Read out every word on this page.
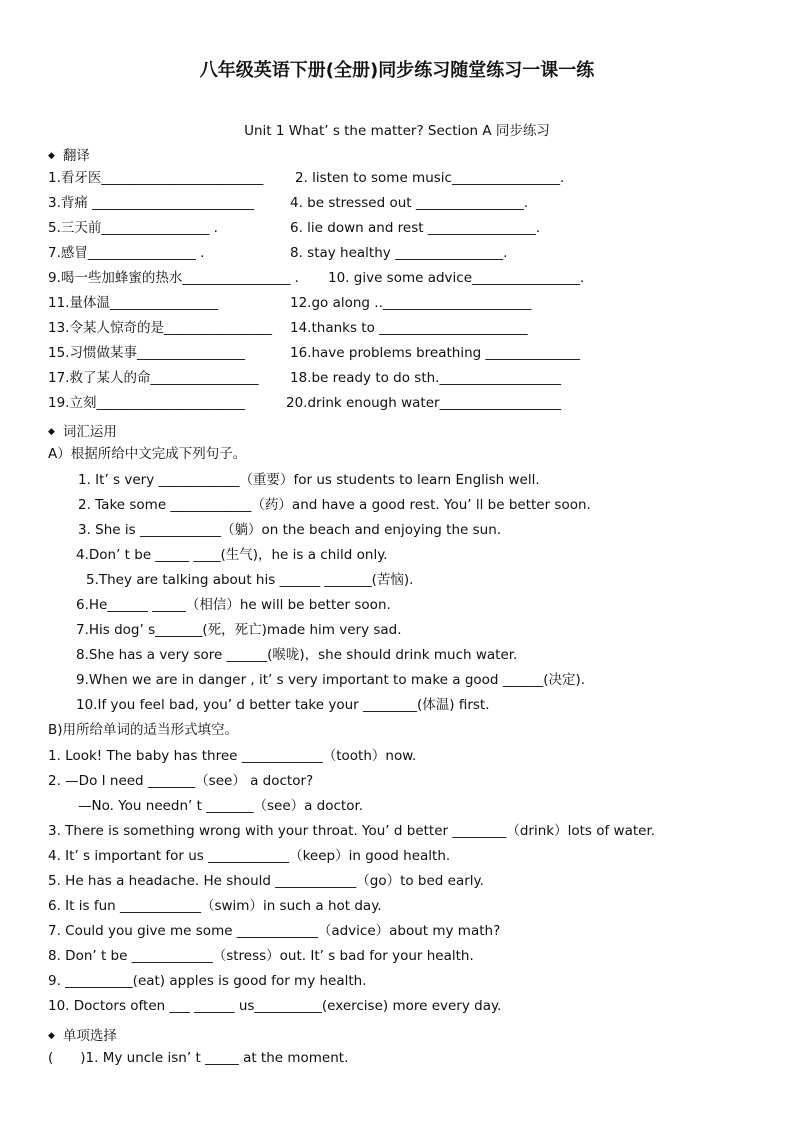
八年级英语下册(全册)同步练习随堂练习一课一练
Unit 1 What’ s the matter? Section A 同步练习
◆ 翻译
1.看牙医________________________ 2. listen to some music________________.
3.背痛 ________________________	4. be stressed out ________________.
5.三天前________________ .	6. lie down and rest ________________.
7.感冒________________ .	8. stay healthy ________________.
9.喝一些加蜂蜜的热水________________ . 10. give some advice________________.
11.量体温________________	12.go along ..______________________
13.令某人惊奇的是________________ 14.thanks to ______________________
15.习惯做某事________________	16.have problems breathing ______________
17.救了某人的命________________ 18.be ready to do sth.__________________
19.立刻______________________	20.drink enough water__________________
◆ 词汇运用
A）根据所给中文完成下列句子。
1. It’ s very ____________（重要）for us students to learn English well.
2. Take some ____________（药）and have a good rest. You’ ll be better soon.
3. She is ____________（躺）on the beach and enjoying the sun.
4.Don’ t be _____ ____(生气)，he is a child only.
5.They are talking about his ______ _______(苦恼).
6.He______ _____（相信）he will be better soon.
7.His dog’ s_______(死，死亡)made him very sad.
8.She has a very sore ______(喉咙)，she should drink much water.
9.When we are in danger , it’ s very important to make a good ______(决定).
10.If you feel bad, you’ d better take your ________(体温) first.
B)用所给单词的适当形式填空。
1. Look! The baby has three ____________（tooth）now.
2. —Do I need _______（see） a doctor?
—No. You needn’ t _______（see）a doctor.
3. There is something wrong with your throat. You’ d better ________（drink）lots of water.
4. It’ s important for us ____________（keep）in good health.
5. He has a headache. He should ____________（go）to bed early.
6. It is fun ____________（swim）in such a hot day.
7. Could you give me some ____________（advice）about my math?
8. Don’ t be ____________（stress）out. It’ s bad for your health.
9. __________(eat) apples is good for my health.
10. Doctors often ___ ______ us__________(exercise) more every day.
◆ 单项选择
(　　)1. My uncle isn’ t _____ at the moment.
